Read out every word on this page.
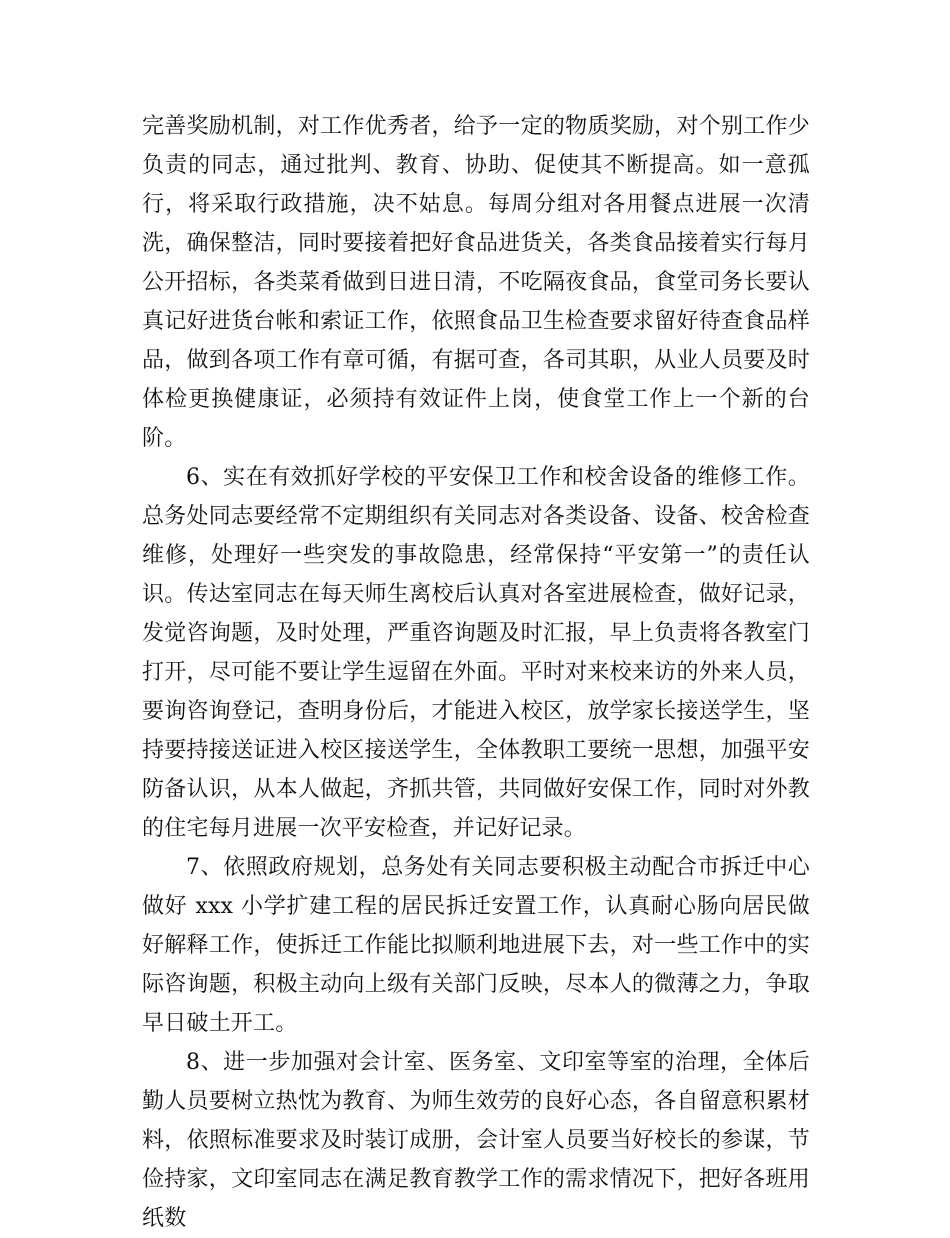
完善奖励机制，对工作优秀者，给予一定的物质奖励，对个别工作少负责的同志，通过批判、教育、协助、促使其不断提高。如一意孤行，将采取行政措施，决不姑息。每周分组对各用餐点进展一次清洗，确保整洁，同时要接着把好食品进货关，各类食品接着实行每月公开招标，各类菜肴做到日进日清，不吃隔夜食品，食堂司务长要认真记好进货台帐和索证工作，依照食品卫生检查要求留好待查食品样品，做到各项工作有章可循，有据可查，各司其职，从业人员要及时体检更换健康证，必须持有效证件上岗，使食堂工作上一个新的台阶。

6、实在有效抓好学校的平安保卫工作和校舍设备的维修工作。总务处同志要经常不定期组织有关同志对各类设备、设备、校舍检查维修，处理好一些突发的事故隐患，经常保持“平安第一”的责任认识。传达室同志在每天师生离校后认真对各室进展检查，做好记录，发觉咨询题，及时处理，严重咨询题及时汇报，早上负责将各教室门打开，尽可能不要让学生逗留在外面。平时对来校来访的外来人员，要询咨询登记，查明身份后，才能进入校区，放学家长接送学生，坚持要持接送证进入校区接送学生，全体教职工要统一思想，加强平安防备认识，从本人做起，齐抓共管，共同做好安保工作，同时对外教的住宅每月进展一次平安检查，并记好记录。

7、依照政府规划，总务处有关同志要积极主动配合市拆迁中心做好 xxx 小学扩建工程的居民拆迁安置工作，认真耐心肠向居民做好解释工作，使拆迁工作能比拟顺利地进展下去，对一些工作中的实际咨询题，积极主动向上级有关部门反映，尽本人的微薄之力，争取早日破土开工。

8、进一步加强对会计室、医务室、文印室等室的治理，全体后勤人员要树立热忱为教育、为师生效劳的良好心态，各自留意积累材料，依照标准要求及时装订成册，会计室人员要当好校长的参谋，节俭持家，文印室同志在满足教育教学工作的需求情况下，把好各班用纸数
